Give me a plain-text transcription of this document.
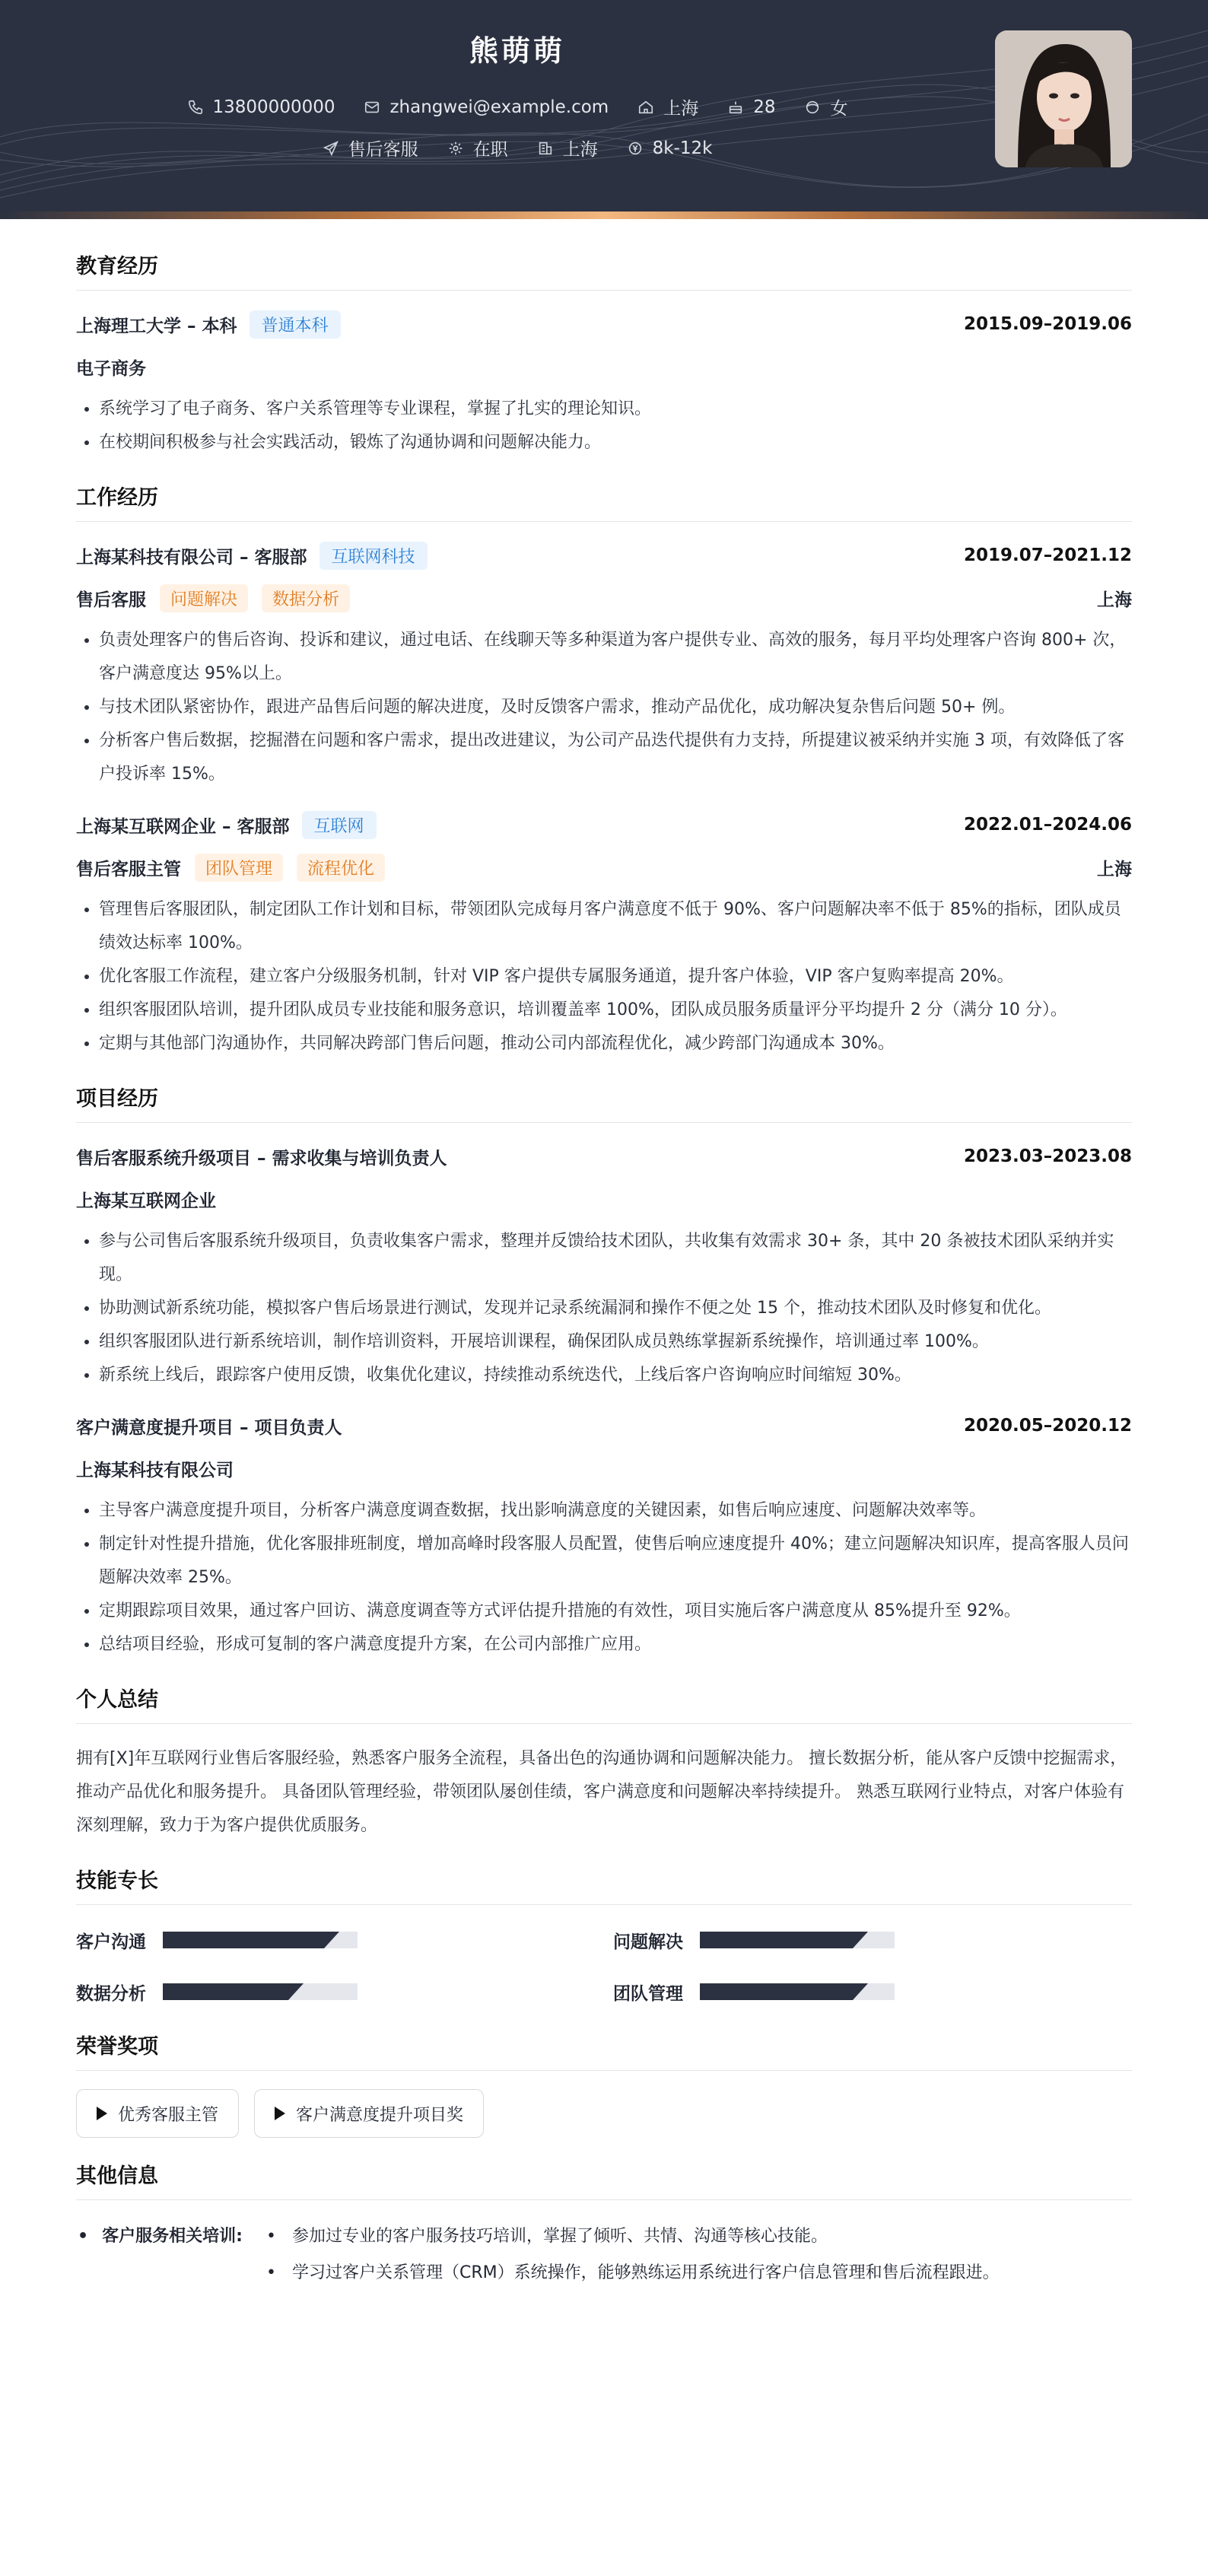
熊萌萌
13800000000	zhangwei@example.com	上海	28	女
售后客服	在职	上海	8k-12k
教育经历
上海理工大学 – 本科	普通本科	2015.09–2019.06
电子商务
• 系统学习了电子商务、客户关系管理等专业课程，掌握了扎实的理论知识。
• 在校期间积极参与社会实践活动，锻炼了沟通协调和问题解决能力。
工作经历
上海某科技有限公司 – 客服部	互联网科技	2019.07–2021.12
售后客服	问题解决	数据分析	上海
• 负责处理客户的售后咨询、投诉和建议，通过电话、在线聊天等多种渠道为客户提供专业、高效的服务，每月平均处理客户咨询 800+ 次，客户满意度达 95%以上。
• 与技术团队紧密协作，跟进产品售后问题的解决进度，及时反馈客户需求，推动产品优化，成功解决复杂售后问题 50+ 例。
• 分析客户售后数据，挖掘潜在问题和客户需求，提出改进建议，为公司产品迭代提供有力支持，所提建议被采纳并实施 3 项，有效降低了客户投诉率 15%。
上海某互联网企业 – 客服部	互联网	2022.01–2024.06
售后客服主管	团队管理	流程优化	上海
• 管理售后客服团队，制定团队工作计划和目标，带领团队完成每月客户满意度不低于 90%、客户问题解决率不低于 85%的指标，团队成员绩效达标率 100%。
• 优化客服工作流程，建立客户分级服务机制，针对 VIP 客户提供专属服务通道，提升客户体验，VIP 客户复购率提高 20%。
• 组织客服团队培训，提升团队成员专业技能和服务意识，培训覆盖率 100%，团队成员服务质量评分平均提升 2 分（满分 10 分）。
• 定期与其他部门沟通协作，共同解决跨部门售后问题，推动公司内部流程优化，减少跨部门沟通成本 30%。
项目经历
售后客服系统升级项目 – 需求收集与培训负责人	2023.03–2023.08
上海某互联网企业
• 参与公司售后客服系统升级项目，负责收集客户需求，整理并反馈给技术团队，共收集有效需求 30+ 条，其中 20 条被技术团队采纳并实现。
• 协助测试新系统功能，模拟客户售后场景进行测试，发现并记录系统漏洞和操作不便之处 15 个，推动技术团队及时修复和优化。
• 组织客服团队进行新系统培训，制作培训资料，开展培训课程，确保团队成员熟练掌握新系统操作，培训通过率 100%。
• 新系统上线后，跟踪客户使用反馈，收集优化建议，持续推动系统迭代，上线后客户咨询响应时间缩短 30%。
客户满意度提升项目 – 项目负责人	2020.05–2020.12
上海某科技有限公司
• 主导客户满意度提升项目，分析客户满意度调查数据，找出影响满意度的关键因素，如售后响应速度、问题解决效率等。
• 制定针对性提升措施，优化客服排班制度，增加高峰时段客服人员配置，使售后响应速度提升 40%；建立问题解决知识库，提高客服人员问题解决效率 25%。
• 定期跟踪项目效果，通过客户回访、满意度调查等方式评估提升措施的有效性，项目实施后客户满意度从 85%提升至 92%。
• 总结项目经验，形成可复制的客户满意度提升方案，在公司内部推广应用。
个人总结
拥有[X]年互联网行业售后客服经验，熟悉客户服务全流程，具备出色的沟通协调和问题解决能力。 擅长数据分析，能从客户反馈中挖掘需求，推动产品优化和服务提升。 具备团队管理经验，带领团队屡创佳绩，客户满意度和问题解决率持续提升。 熟悉互联网行业特点，对客户体验有深刻理解，致力于为客户提供优质服务。
技能专长
客户沟通	问题解决
数据分析	团队管理
荣誉奖项
优秀客服主管	客户满意度提升项目奖
其他信息
• 客户服务相关培训:
•	参加过专业的客户服务技巧培训，掌握了倾听、共情、沟通等核心技能。
• 学习过客户关系管理（CRM）系统操作，能够熟练运用系统进行客户信息管理和售后流程跟进。
